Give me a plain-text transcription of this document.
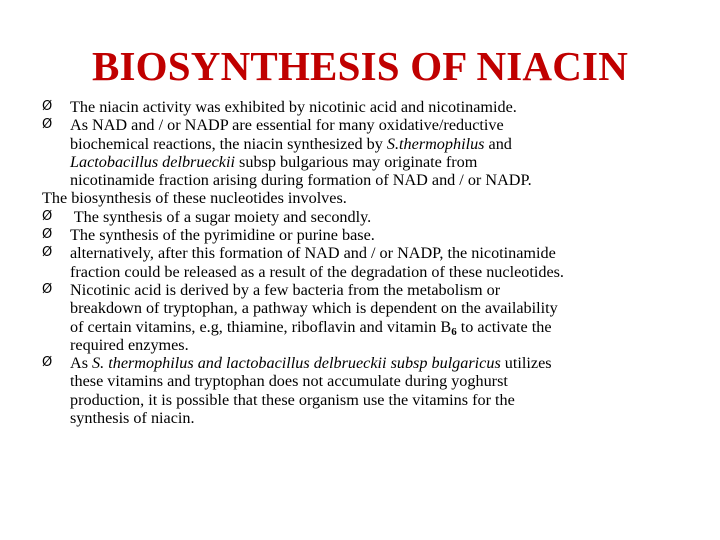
BIOSYNTHESIS OF NIACIN
Ø	The niacin activity was exhibited by nicotinic acid and nicotinamide.
Ø	As NAD and / or NADP are essential for many oxidative/reductive
biochemical reactions, the niacin synthesized by S.thermophilus and
Lactobacillus delbrueckii subsp bulgarious may originate from
nicotinamide fraction arising during formation of NAD and / or NADP.
The biosynthesis of these nucleotides involves.
Ø	The synthesis of a sugar moiety and secondly.
Ø	The synthesis of the pyrimidine or purine base.
Ø	alternatively, after this formation of NAD and / or NADP, the nicotinamide
fraction could be released as a result of the degradation of these nucleotides.
Ø	Nicotinic acid is derived by a few bacteria from the metabolism or
breakdown of tryptophan, a pathway which is dependent on the availability
of certain vitamins, e.g, thiamine, riboflavin and vitamin $B_6$ to activate the
required enzymes.
Ø	As S. thermophilus and lactobacillus delbrueckii subsp bulgaricus utilizes
these vitamins and tryptophan does not accumulate during yoghurst
production, it is possible that these organism use the vitamins for the
synthesis of niacin.
